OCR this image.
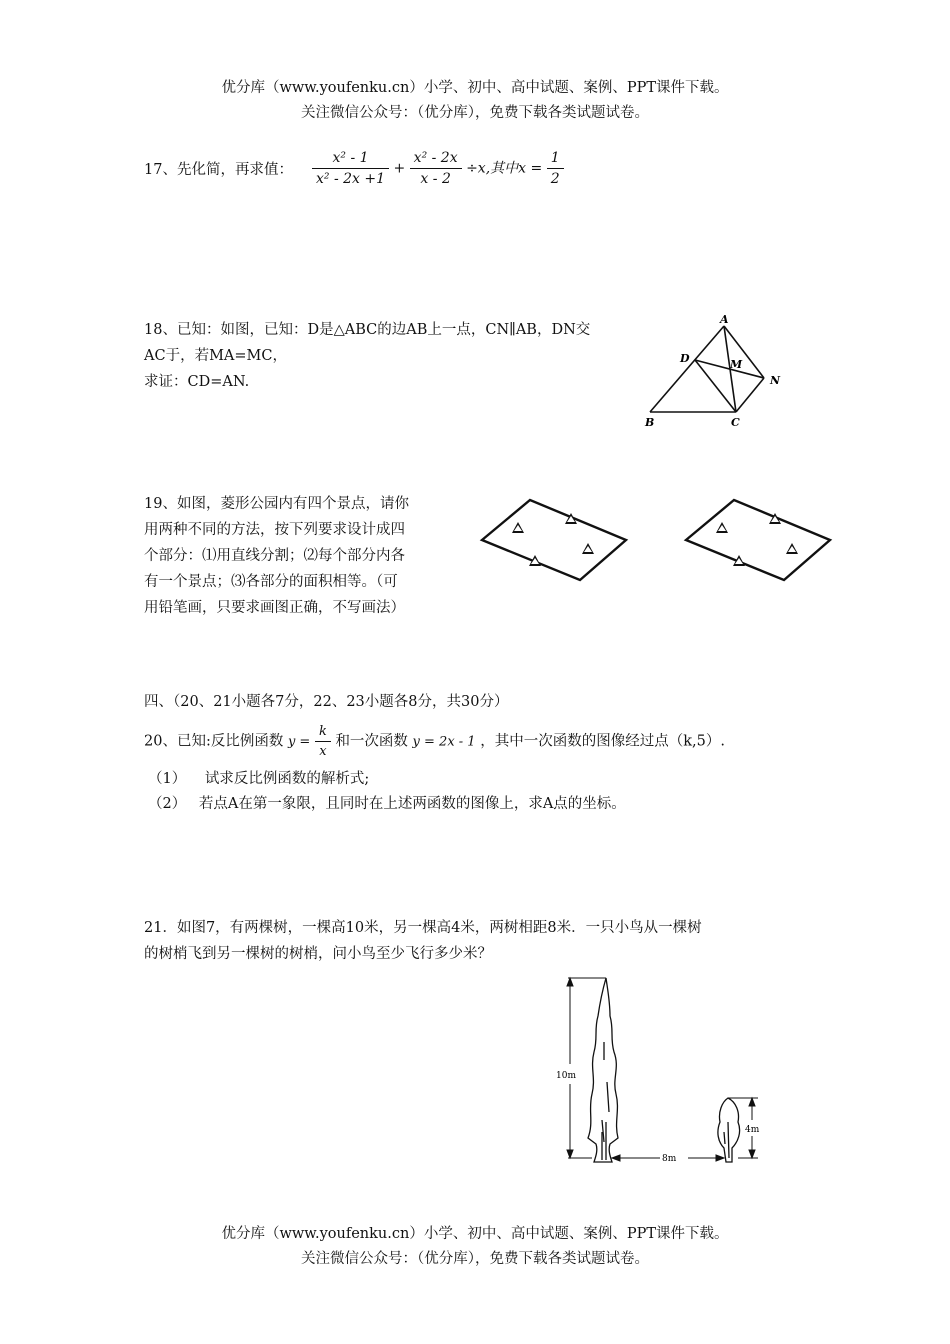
优分库（www.youfenku.cn）小学、初中、高中试题、案例、PPT课件下载。
关注微信公众号：（优分库），免费下载各类试题试卷。
17、先化简，再求值： $\frac{\text{x² - 1}}{\text{x² - 2x +1}} + \frac{\text{x² - 2x}}{x - 2} \div x$,其中$x = \frac{1}{2}$
18、已知：如图，已知：D是△ABC的边AB上一点，CN∥AB，DN交
AC于，若MA=MC，
求证：CD=AN.
A
D	M
N
B	C
19、如图，菱形公园内有四个景点，请你
用两种不同的方法，按下列要求设计成四
个部分：⑴用直线分割；⑵每个部分内各
有一个景点；⑶各部分的面积相等。（可
用铅笔画，只要求画图正确，不写画法）
四、（20、21小题各7分，22、23小题各8分，共30分）
20、已知:反比例函数 $y = \frac{k}{x}$ 和一次函数 y = 2x - 1 ，其中一次函数的图像经过点（k,5）.
（1） 试求反比例函数的解析式;
（2） 若点A在第一象限，且同时在上述两函数的图像上，求A点的坐标。
21．如图7，有两棵树，一棵高10米，另一棵高4米，两树相距8米．一只小鸟从一棵树
的树梢飞到另一棵树的树梢，问小鸟至少飞行多少米？
10m
8m
4m
优分库（www.youfenku.cn）小学、初中、高中试题、案例、PPT课件下载。
关注微信公众号：（优分库），免费下载各类试题试卷。
